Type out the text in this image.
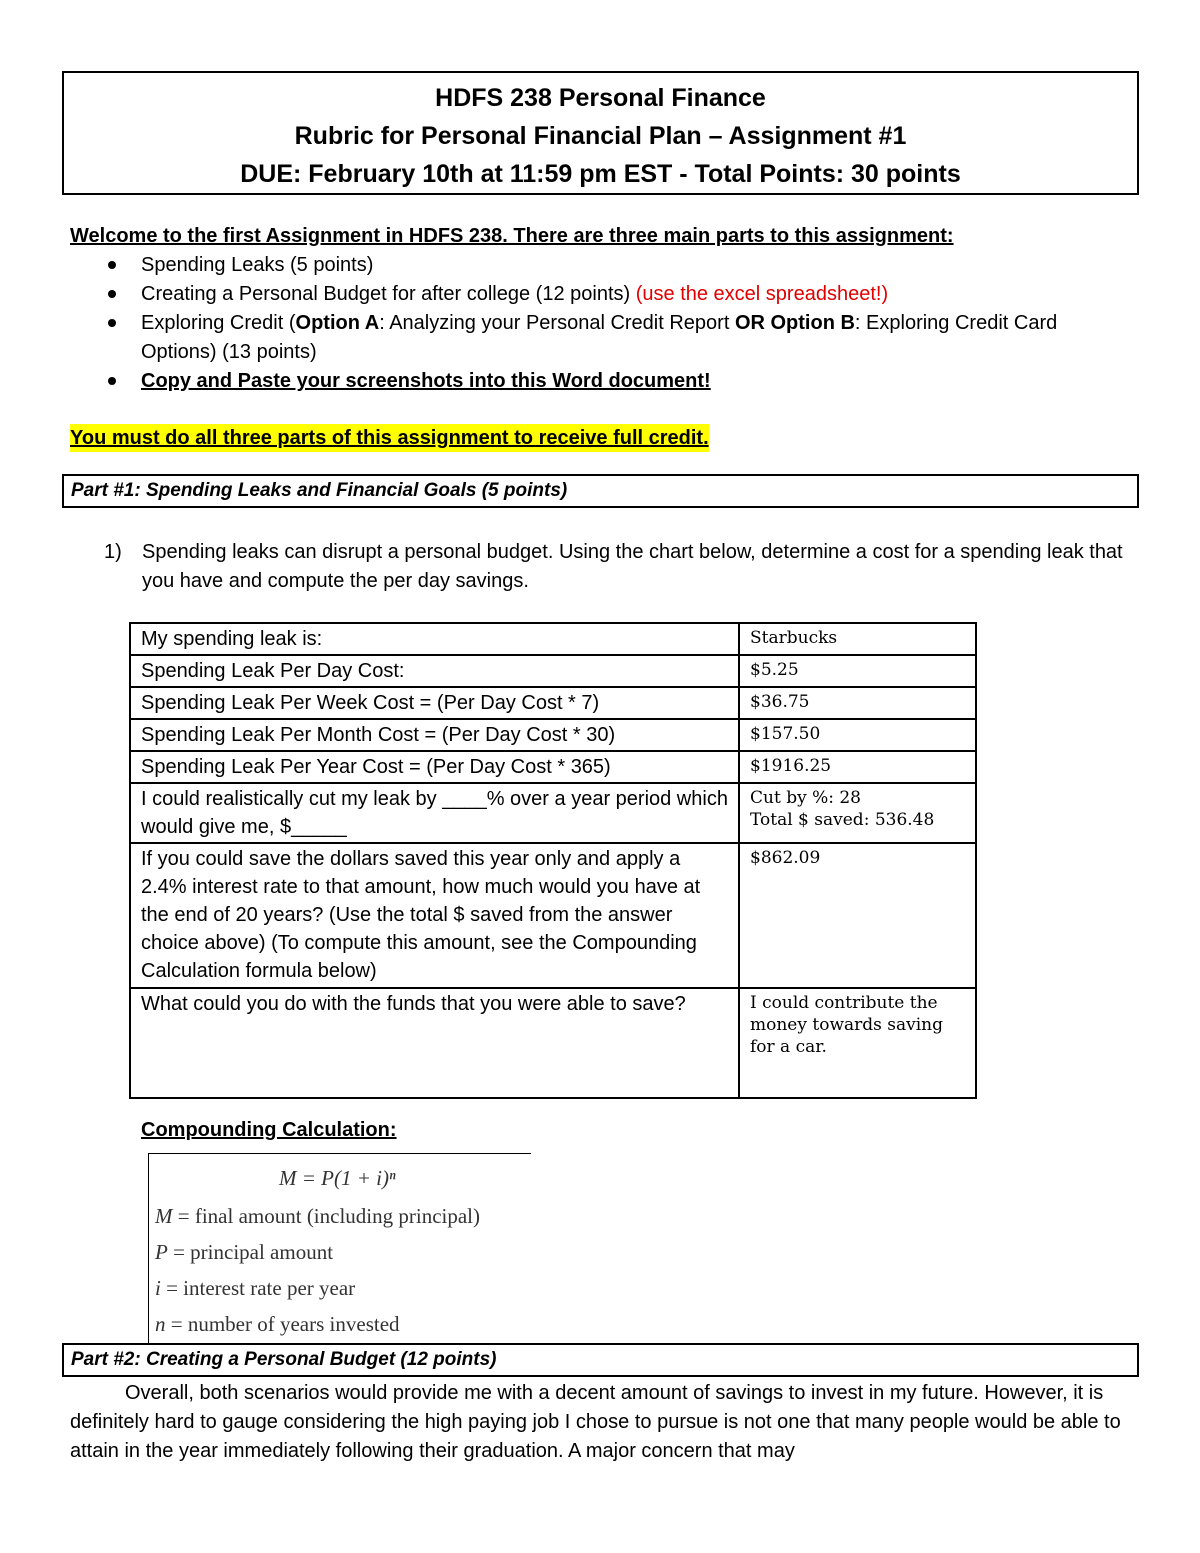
HDFS 238 Personal Finance
Rubric for Personal Financial Plan – Assignment #1
DUE: February 10th at 11:59 pm EST - Total Points: 30 points
Welcome to the first Assignment in HDFS 238. There are three main parts to this assignment:
Spending Leaks (5 points)
Creating a Personal Budget for after college (12 points) (use the excel spreadsheet!)
Exploring Credit (Option A: Analyzing your Personal Credit Report OR Option B: Exploring Credit Card Options) (13 points)
Copy and Paste your screenshots into this Word document!
You must do all three parts of this assignment to receive full credit.
Part #1: Spending Leaks and Financial Goals (5 points)
1) Spending leaks can disrupt a personal budget. Using the chart below, determine a cost for a spending leak that you have and compute the per day savings.
My spending leak is:	Starbucks
Spending Leak Per Day Cost:	$5.25
Spending Leak Per Week Cost = (Per Day Cost * 7)	$36.75
Spending Leak Per Month Cost = (Per Day Cost * 30)	$157.50
Spending Leak Per Year Cost = (Per Day Cost * 365)	$1916.25
I could realistically cut my leak by ____% over a year period which would give me, $_____	Cut by %: 28
Total $ saved: 536.48

If you could save the dollars saved this year only and apply a 2.4% interest rate to that amount, how much would you have at the end of 20 years? (Use the total $ saved from the answer choice above) (To compute this amount, see the Compounding Calculation formula below)	$862.09
What could you do with the funds that you were able to save?	I could contribute the money towards saving for a car.
Compounding Calculation:
M = P(1 + i)ⁿ
M = final amount (including principal)
P = principal amount
i = interest rate per year
n = number of years invested
Part #2: Creating a Personal Budget (12 points)
Overall, both scenarios would provide me with a decent amount of savings to invest in my future. However, it is definitely hard to gauge considering the high paying job I chose to pursue is not one that many people would be able to attain in the year immediately following their graduation. A major concern that may
